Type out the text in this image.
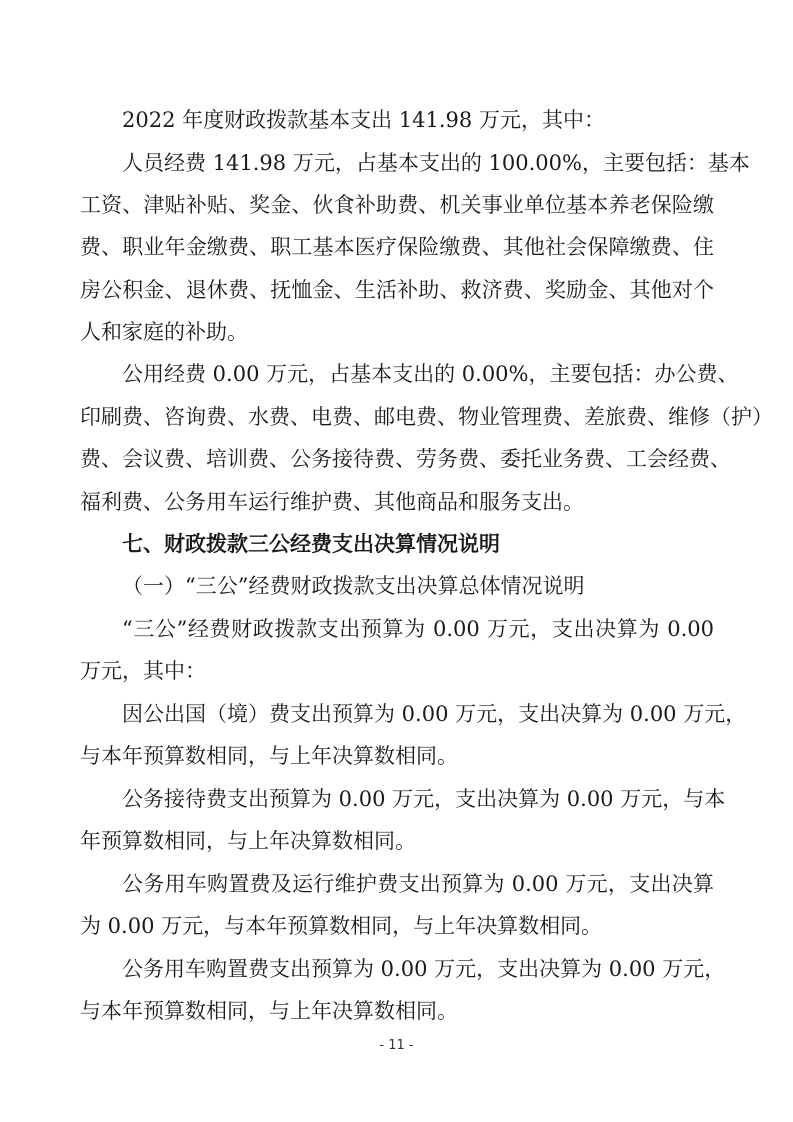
2022 年度财政拨款基本支出 141.98 万元，其中：
人员经费 141.98 万元，占基本支出的 100.00%，主要包括：基本
工资、津贴补贴、奖金、伙食补助费、机关事业单位基本养老保险缴
费、职业年金缴费、职工基本医疗保险缴费、其他社会保障缴费、住
房公积金、退休费、抚恤金、生活补助、救济费、奖励金、其他对个
人和家庭的补助。
公用经费 0.00 万元，占基本支出的 0.00%，主要包括：办公费、
印刷费、咨询费、水费、电费、邮电费、物业管理费、差旅费、维修（护）
费、会议费、培训费、公务接待费、劳务费、委托业务费、工会经费、
福利费、公务用车运行维护费、其他商品和服务支出。
七、财政拨款三公经费支出决算情况说明
（一）“三公”经费财政拨款支出决算总体情况说明
“三公”经费财政拨款支出预算为 0.00 万元，支出决算为 0.00
万元，其中：
因公出国（境）费支出预算为 0.00 万元，支出决算为 0.00 万元，
与本年预算数相同，与上年决算数相同。
公务接待费支出预算为 0.00 万元，支出决算为 0.00 万元，与本
年预算数相同，与上年决算数相同。
公务用车购置费及运行维护费支出预算为 0.00 万元，支出决算
为 0.00 万元，与本年预算数相同，与上年决算数相同。
公务用车购置费支出预算为 0.00 万元，支出决算为 0.00 万元，
与本年预算数相同，与上年决算数相同。
- 11 -
